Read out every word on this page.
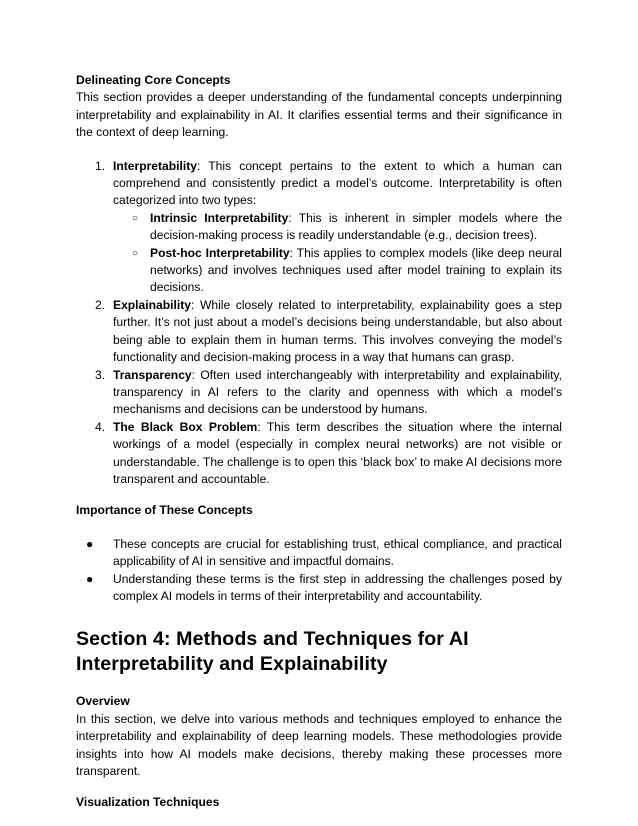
Delineating Core Concepts

This section provides a deeper understanding of the fundamental concepts underpinning interpretability and explainability in AI. It clarifies essential terms and their significance in the context of deep learning.

1. Interpretability: This concept pertains to the extent to which a human can comprehend and consistently predict a model’s outcome. Interpretability is often categorized into two types:
○ Intrinsic Interpretability: This is inherent in simpler models where the decision-making process is readily understandable (e.g., decision trees).
○ Post-hoc Interpretability: This applies to complex models (like deep neural networks) and involves techniques used after model training to explain its decisions.
2. Explainability: While closely related to interpretability, explainability goes a step further. It’s not just about a model’s decisions being understandable, but also about being able to explain them in human terms. This involves conveying the model’s functionality and decision-making process in a way that humans can grasp.
3. Transparency: Often used interchangeably with interpretability and explainability, transparency in AI refers to the clarity and openness with which a model’s mechanisms and decisions can be understood by humans.
4. The Black Box Problem: This term describes the situation where the internal workings of a model (especially in complex neural networks) are not visible or understandable. The challenge is to open this ‘black box’ to make AI decisions more transparent and accountable.

Importance of These Concepts

● These concepts are crucial for establishing trust, ethical compliance, and practical applicability of AI in sensitive and impactful domains.
● Understanding these terms is the first step in addressing the challenges posed by complex AI models in terms of their interpretability and accountability.
Section 4: Methods and Techniques for AI Interpretability and Explainability

Overview

In this section, we delve into various methods and techniques employed to enhance the interpretability and explainability of deep learning models. These methodologies provide insights into how AI models make decisions, thereby making these processes more transparent.

Visualization Techniques
